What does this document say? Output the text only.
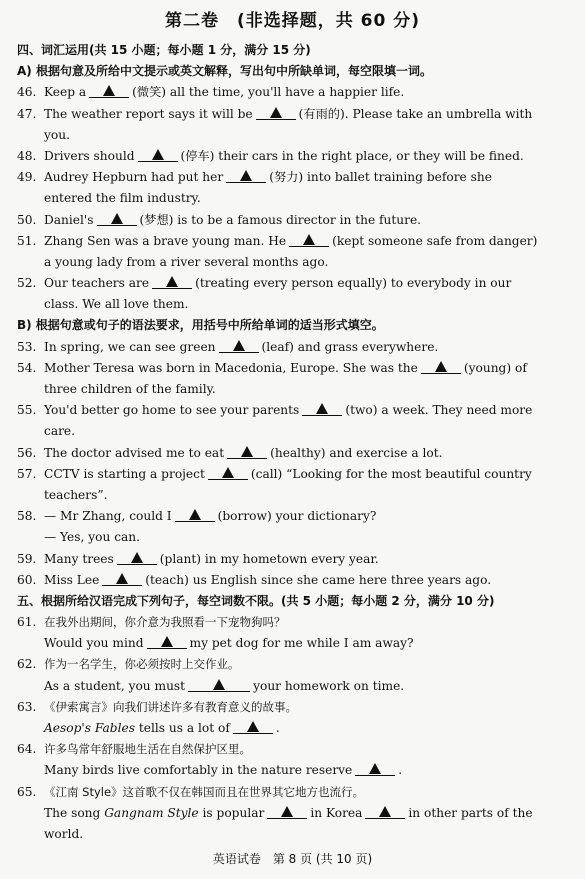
第二卷　(非选择题，共 60 分)
四、词汇运用(共 15 小题；每小题 1 分，满分 15 分)
A) 根据句意及所给中文提示或英文解释，写出句中所缺单词，每空限填一词。
46. Keep a	(微笑) all the time, you'll have a happier life.
47. The weather report says it will be	(有雨的). Please take an umbrella with
you.
48. Drivers should	(停车) their cars in the right place, or they will be fined.
49. Audrey Hepburn had put her	(努力) into ballet training before she
entered the film industry.
50. Daniel's	(梦想) is to be a famous director in the future.
51. Zhang Sen was a brave young man. He	(kept someone safe from danger)
a young lady from a river several months ago.
52. Our teachers are	(treating every person equally) to everybody in our
class. We all love them.
B) 根据句意或句子的语法要求，用括号中所给单词的适当形式填空。
53. In spring, we can see green	(leaf) and grass everywhere.
54. Mother Teresa was born in Macedonia, Europe. She was the	(young) of
three children of the family.
55. You'd better go home to see your parents	(two) a week. They need more
care.
56. The doctor advised me to eat	(healthy) and exercise a lot.
57. CCTV is starting a project	(call) “Looking for the most beautiful country
teachers”.
58. — Mr Zhang, could I	(borrow) your dictionary?
— Yes, you can.
59. Many trees	(plant) in my hometown every year.
60. Miss Lee	(teach) us English since she came here three years ago.
五、根据所给汉语完成下列句子，每空词数不限。(共 5 小题；每小题 2 分，满分 10 分)
61. 在我外出期间，你介意为我照看一下宠物狗吗？
Would you mind	my pet dog for me while I am away?
62. 作为一名学生，你必须按时上交作业。
As a student, you must	your homework on time.
63. 《伊索寓言》向我们讲述许多有教育意义的故事。
Aesop's Fables tells us a lot of	.
64. 许多鸟常年舒服地生活在自然保护区里。
Many birds live comfortably in the nature reserve	.
65. 《江南 Style》这首歌不仅在韩国而且在世界其它地方也流行。
The song Gangnam Style is popular	in Korea	in other parts of the
world.
英语试卷　第 8 页 (共 10 页)
